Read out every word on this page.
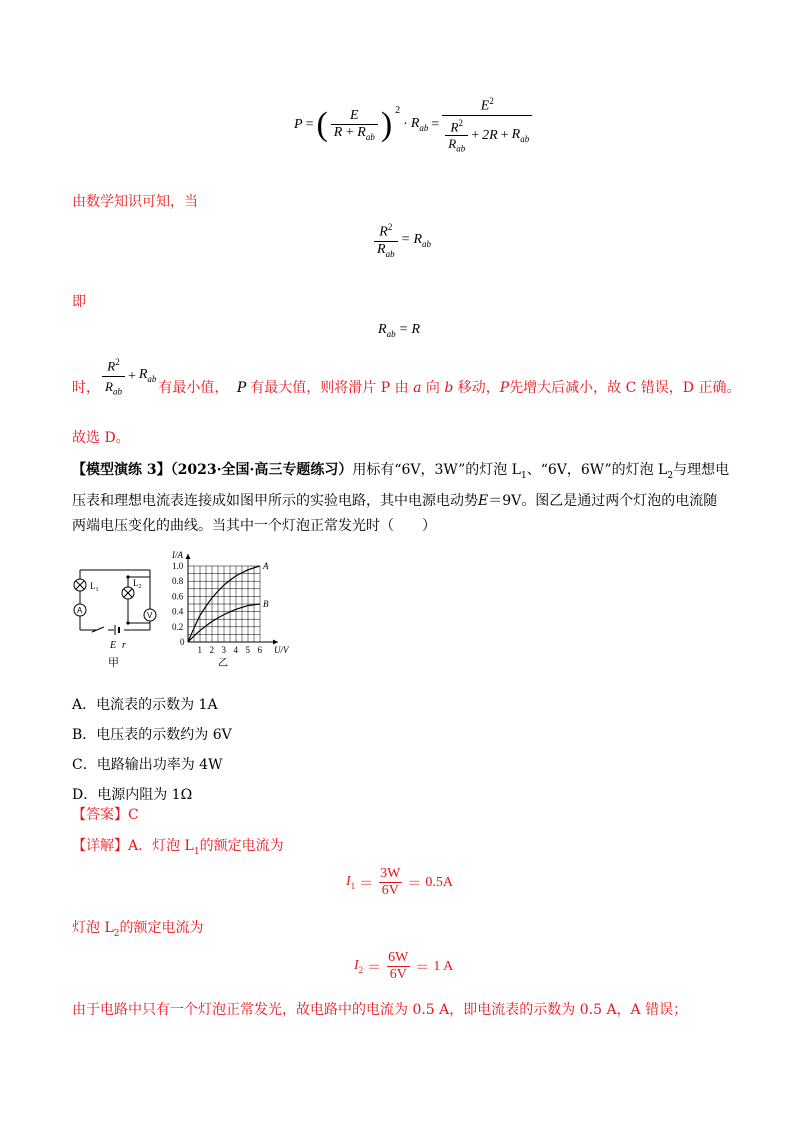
P = ( $\frac{E}{R + R_{ab}}$ ) $^2$
· $R_{ab}$ =
$E^2$
$\frac{R^2}{R_{ab}} + 2R + R_{ab}$
由数学知识可知，当
$\frac{R^2}{R_{ab}} = R_{ab}$
即
$R_{ab} = R$
时， $\frac{R^2}{R_{ab}} + R_{ab}$
有最小值， P 有最大值，则将滑片 P 由 a 向 b 移动，P先增大后减小，故 C 错误，D 正确。
故选 D。
【模型演练 3】（2023·全国·高三专题练习）用标有“6V，3W”的灯泡 $L_1$、“6V，6W”的灯泡 $L_2$与理想电
压表和理想电流表连接成如图甲所示的实验电路，其中电源电动势E＝9V。图乙是通过两个灯泡的电流随
两端电压变化的曲线。当其中一个灯泡正常发光时（　　）
$L_1$
A
$L_2$
V
E r
甲
1 2 3 4 5 6
0.2
0.4
0.6
0.8
1.0
0
I/A
U/V
乙
A
B
A．电流表的示数为 1A
B．电压表的示数约为 6V
C．电路输出功率为 4W
D．电源内阻为 1Ω
【答案】C
【详解】A．灯泡 $L_1$的额定电流为
$I_1 = \frac{3W}{6V} = 0.5A$
灯泡 $L_2$的额定电流为
$I_2 = \frac{6W}{6V} = 1$ A
由于电路中只有一个灯泡正常发光，故电路中的电流为 0.5 A，即电流表的示数为 0.5 A，A 错误；
